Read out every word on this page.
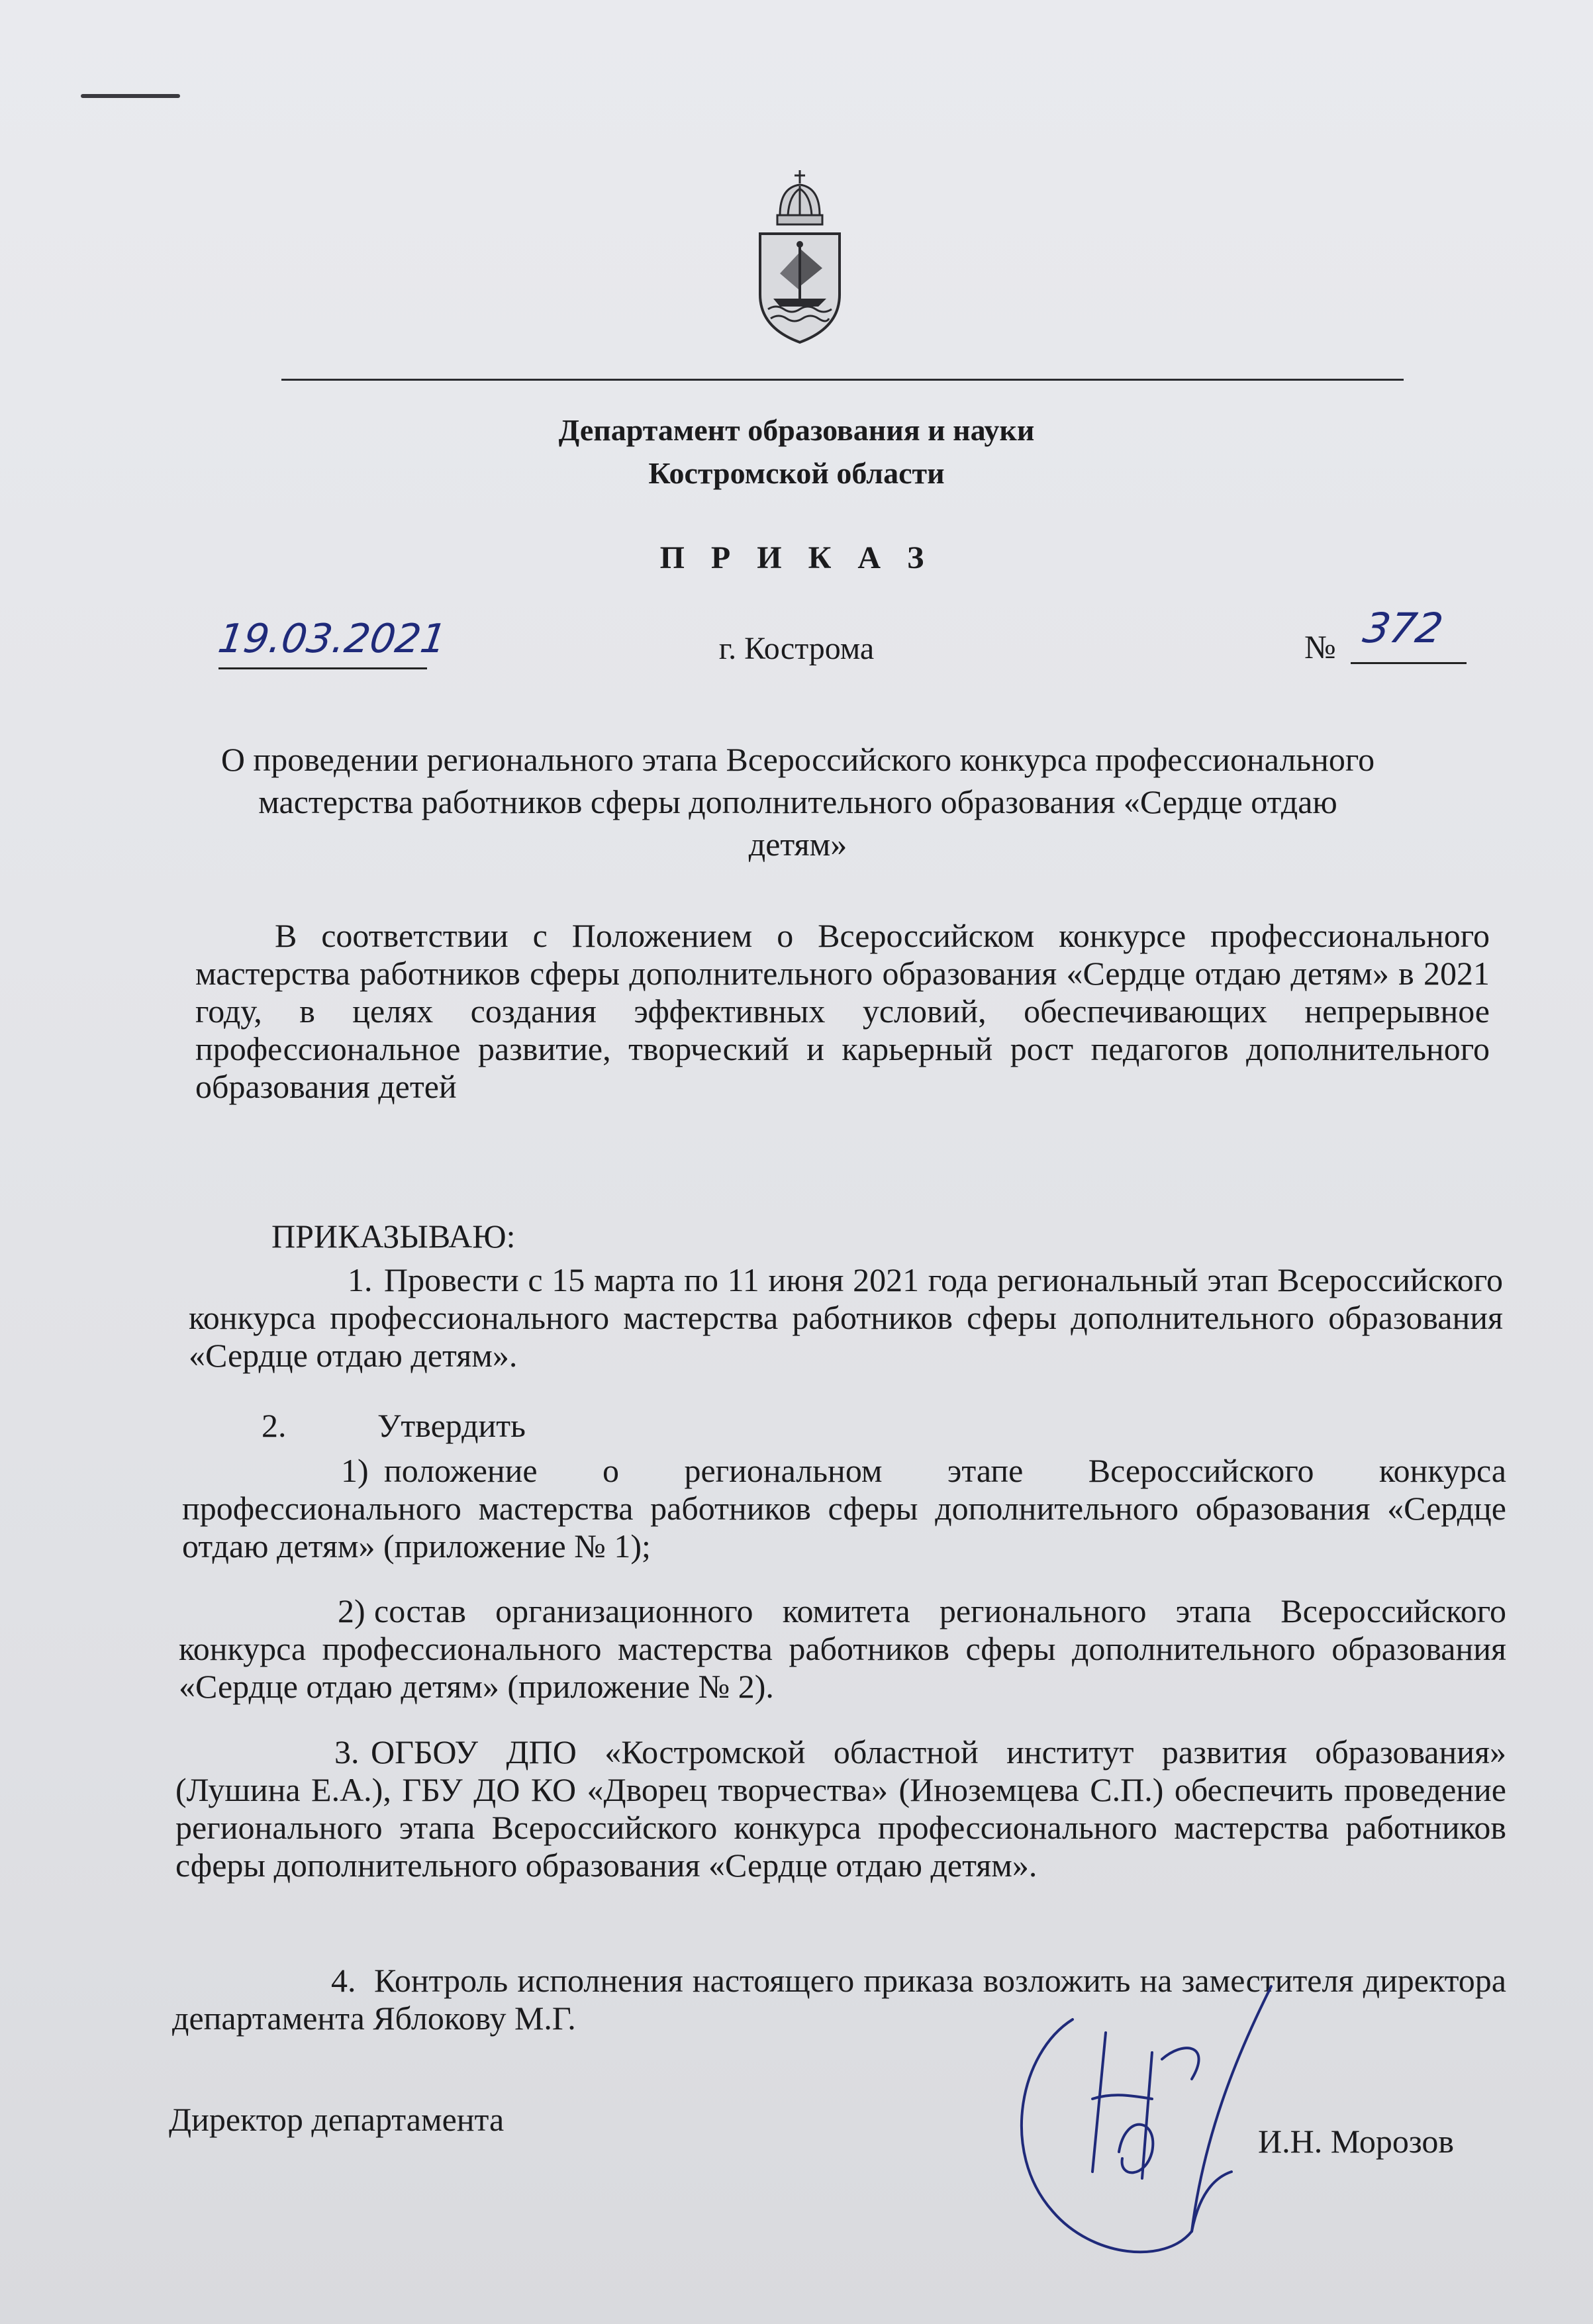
Департамент образования и науки
Костромской области
П Р И К А З
19.03.2021	г. Кострома	№ 372
О проведении регионального этапа Всероссийского конкурса профессионального мастерства работников сферы дополнительного образования «Сердце отдаю детям»
В соответствии с Положением о Всероссийском конкурсе профессионального мастерства работников сферы дополнительного образования «Сердце отдаю детям» в 2021 году, в целях создания эффективных условий, обеспечивающих непрерывное профессиональное развитие, творческий и карьерный рост педагогов дополнительного образования детей
ПРИКАЗЫВАЮ:
1. Провести с 15 марта по 11 июня 2021 года региональный этап Всероссийского конкурса профессионального мастерства работников сферы дополнительного образования «Сердце отдаю детям».
2.	Утвердить
1) положение о региональном этапе Всероссийского конкурса профессионального мастерства работников сферы дополнительного образования «Сердце отдаю детям» (приложение № 1);
2) состав организационного комитета регионального этапа Всероссийского конкурса профессионального мастерства работников сферы дополнительного образования «Сердце отдаю детям» (приложение № 2).
3. ОГБОУ ДПО «Костромской областной институт развития образования» (Лушина Е.А.), ГБУ ДО КО «Дворец творчества» (Иноземцева С.П.) обеспечить проведение регионального этапа Всероссийского конкурса профессионального мастерства работников сферы дополнительного образования «Сердце отдаю детям».
4. Контроль исполнения настоящего приказа возложить на заместителя директора департамента Яблокову М.Г.
Директор департамента
И.Н. Морозов
